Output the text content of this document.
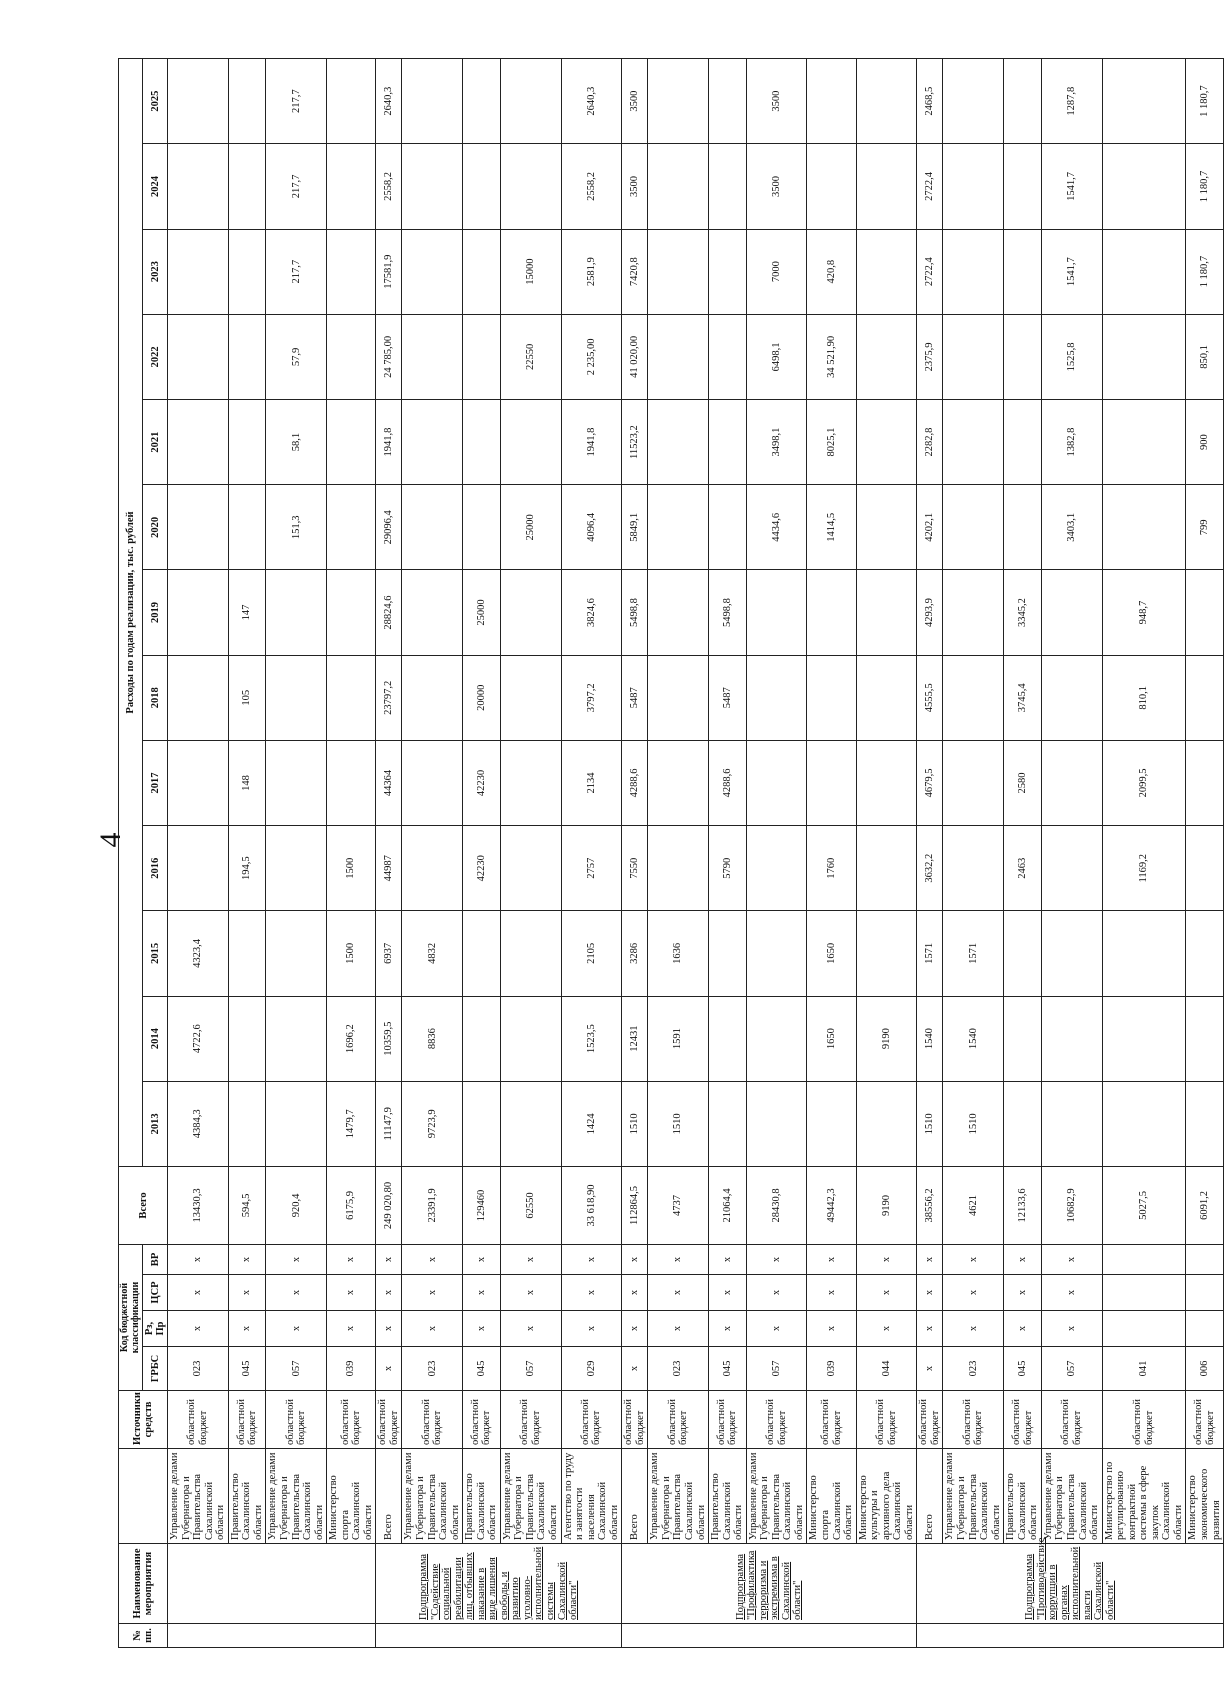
4
№ пп.	Наименование мероприятия		Источники средств	Код бюджетной классификации				Всего	Расходы по годам реализации, тыс. рублей												
				ГРБС	Рз, Пр	ЦСР	ВР		2013	2014	2015	2016	2017	2018	2019	2020	2021	2022	2023	2024	2025
		Управление делами Губернатора и Правительства Сахалинской области	областной бюджет	023	х	х	х	13430,3	4384,3	4722,6	4323,4										
		Правительство Сахалинской области	областной бюджет	045	х	х	х	594,5				194,5	148	105	147						
		Управление делами Губернатора и Правительства Сахалинской области	областной бюджет	057	х	х	х	920,4								151,3	58,1	57,9	217,7	217,7	217,7
		Министерство спорта Сахалинской области	областной бюджет	039	х	х	х	6175,9	1479,7	1696,2	1500	1500									
	Подпрограмма "Содействие социальной реабилитации лиц, отбывших наказание в виде лишения свободы, и развитию уголовно-исполнительной системы Сахалинской области"	Всего	областной бюджет	х	х	х	х	249 020,80	11147,9	10359,5	6937	44987	44364	23797,2	28824,6	29096,4	1941,8	24 785,00	17581,9	2558,2	2640,3
		Управление делами Губернатора и Правительства Сахалинской области	областной бюджет	023	х	х	х	23391,9	9723,9	8836	4832										
		Правительство Сахалинской области	областной бюджет	045	х	х	х	129460				42230	42230	20000	25000						
		Управление делами Губернатора и Правительства Сахалинской области	областной бюджет	057	х	х	х	62550								25000		22550	15000		
		Агентство по труду и занятости населения Сахалинской области	областной бюджет	029	х	х	х	33 618,90	1424	1523,5	2105	2757	2134	3797,2	3824,6	4096,4	1941,8	2 235,00	2581,9	2558,2	2640,3
	Подпрограмма "Профилактика терроризма и экстремизма в Сахалинской области"	Всего	областной бюджет	х	х	х	х	112864,5	1510	12431	3286	7550	4288,6	5487	5498,8	5849,1	11523,2	41 020,00	7420,8	3500	3500
		Управление делами Губернатора и Правительства Сахалинской области	областной бюджет	023	х	х	х	4737	1510	1591	1636										
		Правительство Сахалинской области	областной бюджет	045	х	х	х	21064,4				5790	4288,6	5487	5498,8						
		Управление делами Губернатора и Правительства Сахалинской области	областной бюджет	057	х	х	х	28430,8								4434,6	3498,1	6498,1	7000	3500	3500
		Министерство спорта Сахалинской области	областной бюджет	039	х	х	х	49442,3		1650	1650	1760				1414,5	8025,1	34 521,90	420,8		
		Министерство культуры и архивного дела Сахалинской области	областной бюджет	044	х	х	х	9190		9190											
	Подпрограмма "Противодействие коррупции в органах исполнительной власти Сахалинской области"	Всего	областной бюджет	х	х	х	х	38556,2	1510	1540	1571	3632,2	4679,5	4555,5	4293,9	4202,1	2282,8	2375,9	2722,4	2722,4	2468,5
		Управление делами Губернатора и Правительства Сахалинской области	областной бюджет	023	х	х	х	4621	1510	1540	1571										
		Правительство Сахалинской области	областной бюджет	045	х	х	х	12133,6				2463	2580	3745,4	3345,2						
		Управление делами Губернатора и Правительства Сахалинской области	областной бюджет	057	х	х	х	10682,9								3403,1	1382,8	1525,8	1541,7	1541,7	1287,8
		Министерство по регулированию контрактной системы в сфере закупок Сахалинской области	областной бюджет	041				5027,5				1169,2	2099,5	810,1	948,7						
		Министерство экономического развития	областной бюджет	006				6091,2								799	900	850,1	1 180,7	1 180,7	1 180,7
